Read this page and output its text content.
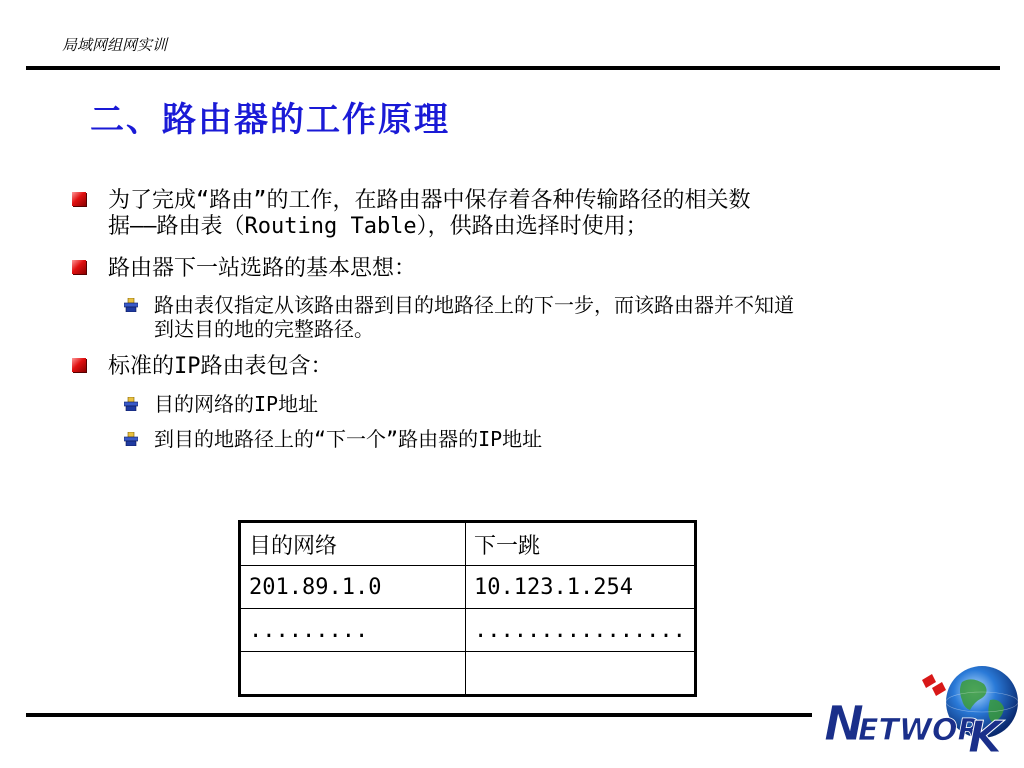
局域网组网实训
二、路由器的工作原理
为了完成“路由”的工作，在路由器中保存着各种传输路径的相关数
据——路由表（Routing Table），供路由选择时使用；
路由器下一站选路的基本思想：
路由表仅指定从该路由器到目的地路径上的下一步，而该路由器并不知道
到达目的地的完整路径。
标准的IP路由表包含：
目的网络的IP地址
到目的地路径上的“下一个”路由器的IP地址
目的网络	下一跳
201.89.1.0	10.123.1.254
.........	................

N
ETWOR
K
